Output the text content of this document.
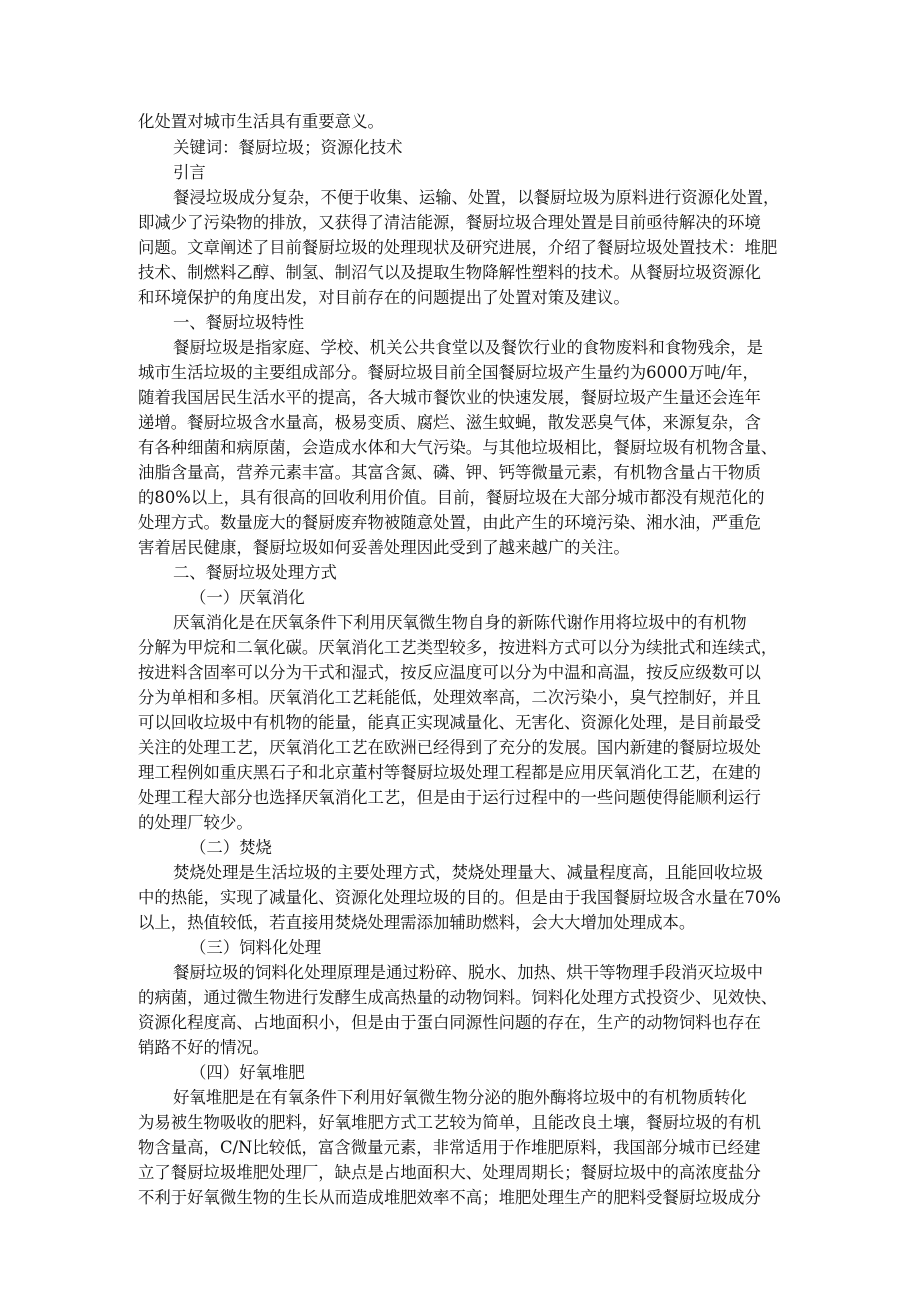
化处置对城市生活具有重要意义。
关键词：餐厨垃圾；资源化技术
引言
餐浸垃圾成分复杂，不便于收集、运输、处置，以餐厨垃圾为原料进行资源化处置，
即减少了污染物的排放，又获得了清洁能源，餐厨垃圾合理处置是目前亟待解决的环境
问题。文章阐述了目前餐厨垃圾的处理现状及研究进展，介绍了餐厨垃圾处置技术：堆肥
技术、制燃料乙醇、制氢、制沼气以及提取生物降解性塑料的技术。从餐厨垃圾资源化
和环境保护的角度出发，对目前存在的问题提出了处置对策及建议。
一、餐厨垃圾特性
餐厨垃圾是指家庭、学校、机关公共食堂以及餐饮行业的食物废料和食物残余，是
城市生活垃圾的主要组成部分。餐厨垃圾目前全国餐厨垃圾产生量约为6000万吨/年，
随着我国居民生活水平的提高，各大城市餐饮业的快速发展，餐厨垃圾产生量还会连年
递增。餐厨垃圾含水量高，极易变质、腐烂、滋生蚊蝇，散发恶臭气体，来源复杂，含
有各种细菌和病原菌，会造成水体和大气污染。与其他垃圾相比，餐厨垃圾有机物含量、
油脂含量高，营养元素丰富。其富含氮、磷、钾、钙等微量元素，有机物含量占干物质
的80%以上，具有很高的回收利用价值。目前，餐厨垃圾在大部分城市都没有规范化的
处理方式。数量庞大的餐厨废弃物被随意处置，由此产生的环境污染、湘水油，严重危
害着居民健康，餐厨垃圾如何妥善处理因此受到了越来越广的关注。
二、餐厨垃圾处理方式
（一）厌氧消化
厌氧消化是在厌氧条件下利用厌氧微生物自身的新陈代谢作用将垃圾中的有机物
分解为甲烷和二氧化碳。厌氧消化工艺类型较多，按进料方式可以分为续批式和连续式，
按进料含固率可以分为干式和湿式，按反应温度可以分为中温和高温，按反应级数可以
分为单相和多相。厌氧消化工艺耗能低，处理效率高，二次污染小，臭气控制好，并且
可以回收垃圾中有机物的能量，能真正实现减量化、无害化、资源化处理，是目前最受
关注的处理工艺，厌氧消化工艺在欧洲已经得到了充分的发展。国内新建的餐厨垃圾处
理工程例如重庆黑石子和北京董村等餐厨垃圾处理工程都是应用厌氧消化工艺，在建的
处理工程大部分也选择厌氧消化工艺，但是由于运行过程中的一些问题使得能顺利运行
的处理厂较少。
（二）焚烧
焚烧处理是生活垃圾的主要处理方式，焚烧处理量大、减量程度高，且能回收垃圾
中的热能，实现了减量化、资源化处理垃圾的目的。但是由于我国餐厨垃圾含水量在70%
以上，热值较低，若直接用焚烧处理需添加辅助燃料，会大大增加处理成本。
（三）饲料化处理
餐厨垃圾的饲料化处理原理是通过粉碎、脱水、加热、烘干等物理手段消灭垃圾中
的病菌，通过微生物进行发酵生成高热量的动物饲料。饲料化处理方式投资少、见效快、
资源化程度高、占地面积小，但是由于蛋白同源性问题的存在，生产的动物饲料也存在
销路不好的情况。
（四）好氧堆肥
好氧堆肥是在有氧条件下利用好氧微生物分泌的胞外酶将垃圾中的有机物质转化
为易被生物吸收的肥料，好氧堆肥方式工艺较为简单，且能改良土壤，餐厨垃圾的有机
物含量高，C/N比较低，富含微量元素，非常适用于作堆肥原料，我国部分城市已经建
立了餐厨垃圾堆肥处理厂，缺点是占地面积大、处理周期长；餐厨垃圾中的高浓度盐分
不利于好氧微生物的生长从而造成堆肥效率不高；堆肥处理生产的肥料受餐厨垃圾成分
